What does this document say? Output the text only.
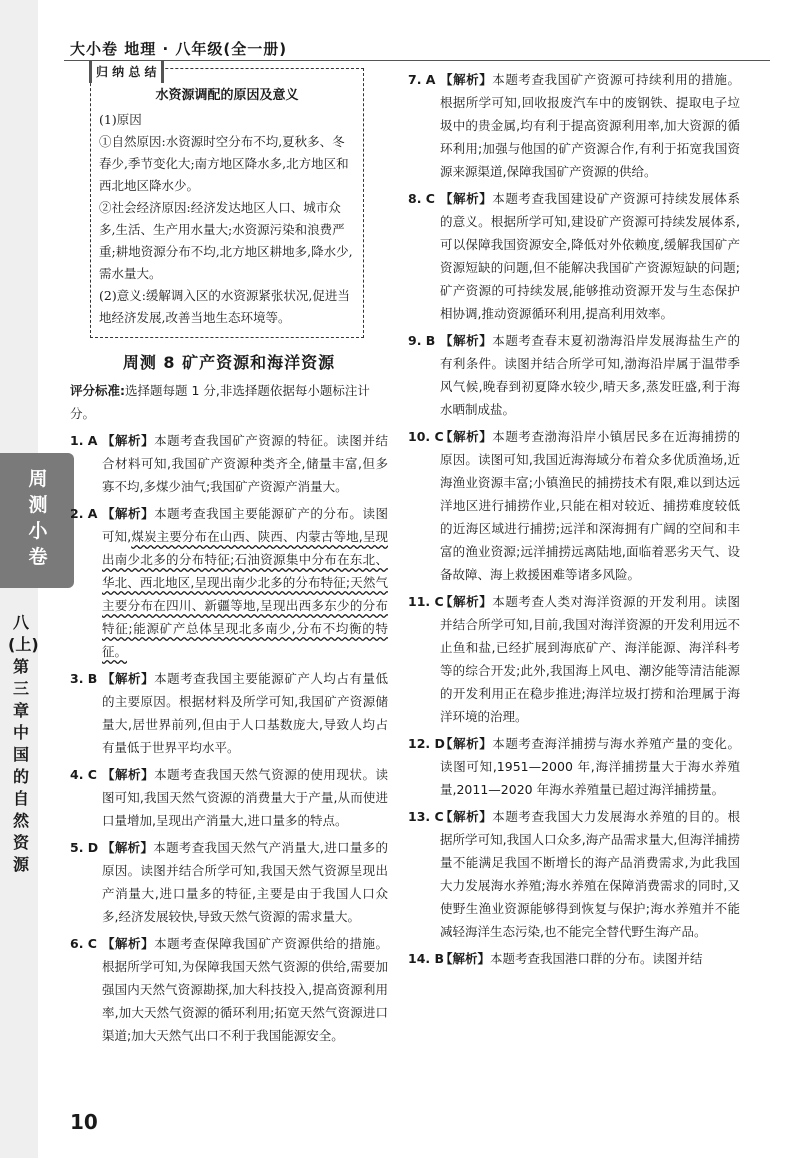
大小卷 地理 · 八年级(全一册)
周测小卷
八(上) 第三章 中国的自然资源
归 纳 总 结
水资源调配的原因及意义
(1)原因
①自然原因:水资源时空分布不均,夏秋多、冬春少,季节变化大;南方地区降水多,北方地区和西北地区降水少。
②社会经济原因:经济发达地区人口、城市众多,生活、生产用水量大;水资源污染和浪费严重;耕地资源分布不均,北方地区耕地多,降水少,需水量大。
(2)意义:缓解调入区的水资源紧张状况,促进当地经济发展,改善当地生态环境等。
周测 8 矿产资源和海洋资源
评分标准:选择题每题 1 分,非选择题依据每小题标注计分。
1. A 【解析】本题考查我国矿产资源的特征。读图并结合材料可知,我国矿产资源种类齐全,储量丰富,但多寡不均,多煤少油气;我国矿产资源产消量大。
2. A 【解析】本题考查我国主要能源矿产的分布。读图可知,煤炭主要分布在山西、陕西、内蒙古等地,呈现出南少北多的分布特征;石油资源集中分布在东北、华北、西北地区,呈现出南少北多的分布特征;天然气主要分布在四川、新疆等地,呈现出西多东少的分布特征;能源矿产总体呈现北多南少,分布不均衡的特征。
3. B 【解析】本题考查我国主要能源矿产人均占有量低的主要原因。根据材料及所学可知,我国矿产资源储量大,居世界前列,但由于人口基数庞大,导致人均占有量低于世界平均水平。
4. C 【解析】本题考查我国天然气资源的使用现状。读图可知,我国天然气资源的消费量大于产量,从而使进口量增加,呈现出产消量大,进口量多的特点。
5. D 【解析】本题考查我国天然气产消量大,进口量多的原因。读图并结合所学可知,我国天然气资源呈现出产消量大,进口量多的特征,主要是由于我国人口众多,经济发展较快,导致天然气资源的需求量大。
6. C 【解析】本题考查保障我国矿产资源供给的措施。根据所学可知,为保障我国天然气资源的供给,需要加强国内天然气资源勘探,加大科技投入,提高资源利用率,加大天然气资源的循环利用;拓宽天然气资源进口渠道;加大天然气出口不利于我国能源安全。
7. A 【解析】本题考查我国矿产资源可持续利用的措施。根据所学可知,回收报废汽车中的废钢铁、提取电子垃圾中的贵金属,均有利于提高资源利用率,加大资源的循环利用;加强与他国的矿产资源合作,有利于拓宽我国资源来源渠道,保障我国矿产资源的供给。
8. C 【解析】本题考查我国建设矿产资源可持续发展体系的意义。根据所学可知,建设矿产资源可持续发展体系,可以保障我国资源安全,降低对外依赖度,缓解我国矿产资源短缺的问题,但不能解决我国矿产资源短缺的问题;矿产资源的可持续发展,能够推动资源开发与生态保护相协调,推动资源循环利用,提高利用效率。
9. B 【解析】本题考查春末夏初渤海沿岸发展海盐生产的有利条件。读图并结合所学可知,渤海沿岸属于温带季风气候,晚春到初夏降水较少,晴天多,蒸发旺盛,利于海水晒制成盐。
10. C
【解析】本题考查渤海沿岸小镇居民多在近海捕捞的原因。读图可知,我国近海海域分布着众多优质渔场,近海渔业资源丰富;小镇渔民的捕捞技术有限,难以到达远洋地区进行捕捞作业,只能在相对较近、捕捞难度较低的近海区域进行捕捞;远洋和深海拥有广阔的空间和丰富的渔业资源;远洋捕捞远离陆地,面临着恶劣天气、设备故障、海上救援困难等诸多风险。
11. C
【解析】本题考查人类对海洋资源的开发利用。读图并结合所学可知,目前,我国对海洋资源的开发利用远不止鱼和盐,已经扩展到海底矿产、海洋能源、海洋科考等的综合开发;此外,我国海上风电、潮汐能等清洁能源的开发利用正在稳步推进;海洋垃圾打捞和治理属于海洋环境的治理。
12. D
【解析】本题考查海洋捕捞与海水养殖产量的变化。读图可知,1951—2000 年,海洋捕捞量大于海水养殖量,2011—2020 年海水养殖量已超过海洋捕捞量。
13. C
【解析】本题考查我国大力发展海水养殖的目的。根据所学可知,我国人口众多,海产品需求量大,但海洋捕捞量不能满足我国不断增长的海产品消费需求,为此我国大力发展海水养殖;海水养殖在保障消费需求的同时,又使野生渔业资源能够得到恢复与保护;海水养殖并不能减轻海洋生态污染,也不能完全替代野生海产品。
14. B
【解析】本题考查我国港口群的分布。读图并结
10
